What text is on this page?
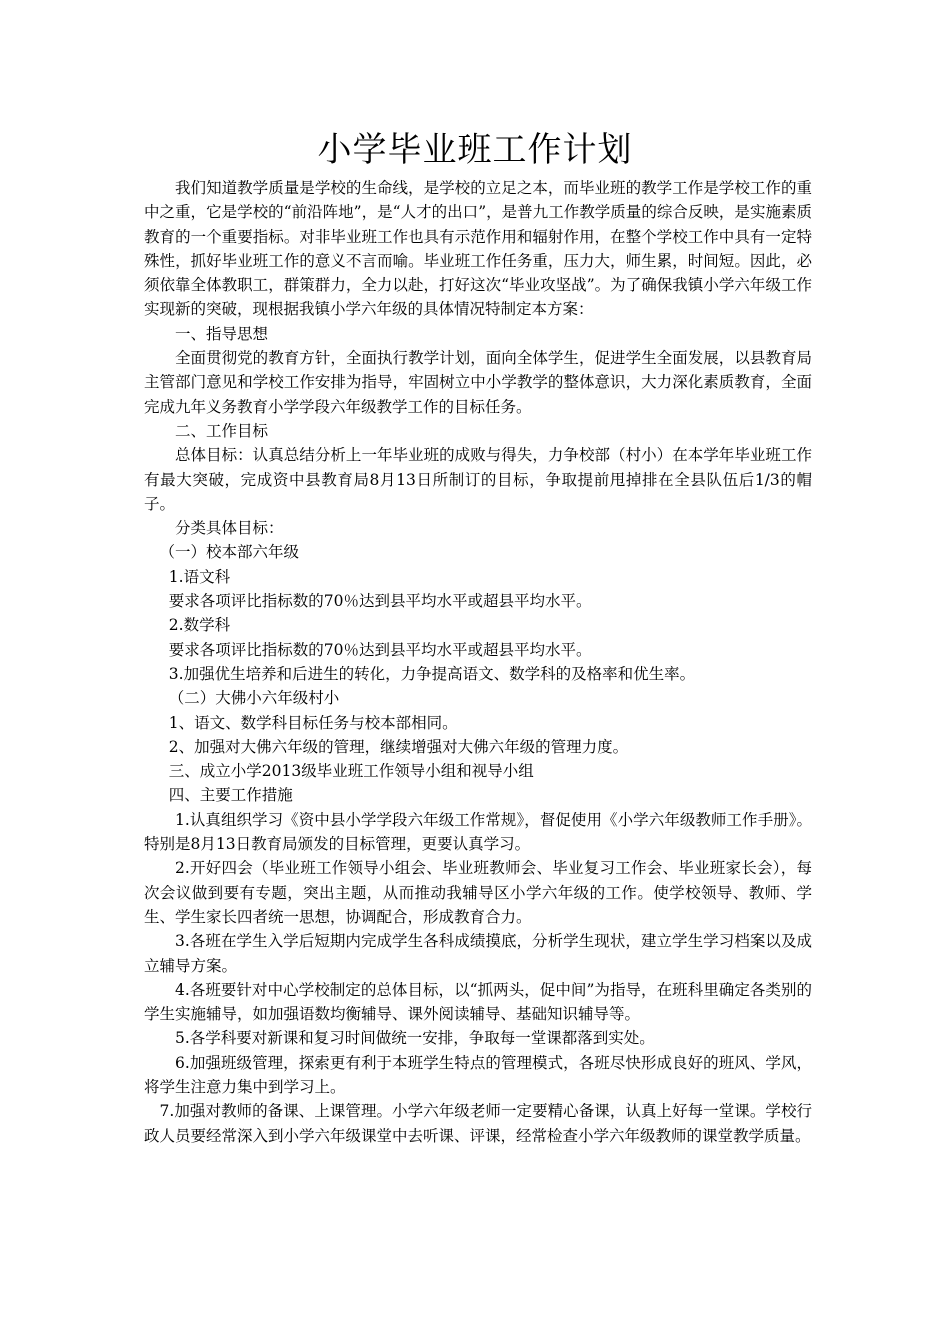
小学毕业班工作计划

我们知道教学质量是学校的生命线，是学校的立足之本，而毕业班的教学工作是学校工作的重中之重，它是学校的“前沿阵地”，是“人才的出口”，是普九工作教学质量的综合反映，是实施素质教育的一个重要指标。对非毕业班工作也具有示范作用和辐射作用，在整个学校工作中具有一定特殊性，抓好毕业班工作的意义不言而喻。毕业班工作任务重，压力大，师生累，时间短。因此，必须依靠全体教职工，群策群力，全力以赴，打好这次“毕业攻坚战”。为了确保我镇小学六年级工作实现新的突破，现根据我镇小学六年级的具体情况特制定本方案：

一、指导思想

全面贯彻党的教育方针，全面执行教学计划，面向全体学生，促进学生全面发展，以县教育局主管部门意见和学校工作安排为指导，牢固树立中小学教学的整体意识，大力深化素质教育，全面完成九年义务教育小学学段六年级教学工作的目标任务。

二、工作目标

总体目标：认真总结分析上一年毕业班的成败与得失，力争校部（村小）在本学年毕业班工作有最大突破，完成资中县教育局8月13日所制订的目标，争取提前甩掉排在全县队伍后1/3的帽子。

分类具体目标：

（一）校本部六年级

1.语文科

要求各项评比指标数的70％达到县平均水平或超县平均水平。

2.数学科

要求各项评比指标数的70％达到县平均水平或超县平均水平。

3.加强优生培养和后进生的转化，力争提高语文、数学科的及格率和优生率。

（二）大佛小六年级村小

1、语文、数学科目标任务与校本部相同。

2、加强对大佛六年级的管理，继续增强对大佛六年级的管理力度。

三、成立小学2013级毕业班工作领导小组和视导小组

四、主要工作措施

1.认真组织学习《资中县小学学段六年级工作常规》，督促使用《小学六年级教师工作手册》。特别是8月13日教育局颁发的目标管理，更要认真学习。

2.开好四会（毕业班工作领导小组会、毕业班教师会、毕业复习工作会、毕业班家长会），每次会议做到要有专题，突出主题，从而推动我辅导区小学六年级的工作。使学校领导、教师、学生、学生家长四者统一思想，协调配合，形成教育合力。

3.各班在学生入学后短期内完成学生各科成绩摸底，分析学生现状，建立学生学习档案以及成立辅导方案。

4.各班要针对中心学校制定的总体目标，以“抓两头，促中间”为指导，在班科里确定各类别的学生实施辅导，如加强语数均衡辅导、课外阅读辅导、基础知识辅导等。

5.各学科要对新课和复习时间做统一安排，争取每一堂课都落到实处。

6.加强班级管理，探索更有利于本班学生特点的管理模式，各班尽快形成良好的班风、学风，将学生注意力集中到学习上。

7.加强对教师的备课、上课管理。小学六年级老师一定要精心备课，认真上好每一堂课。学校行政人员要经常深入到小学六年级课堂中去听课、评课，经常检查小学六年级教师的课堂教学质量。
